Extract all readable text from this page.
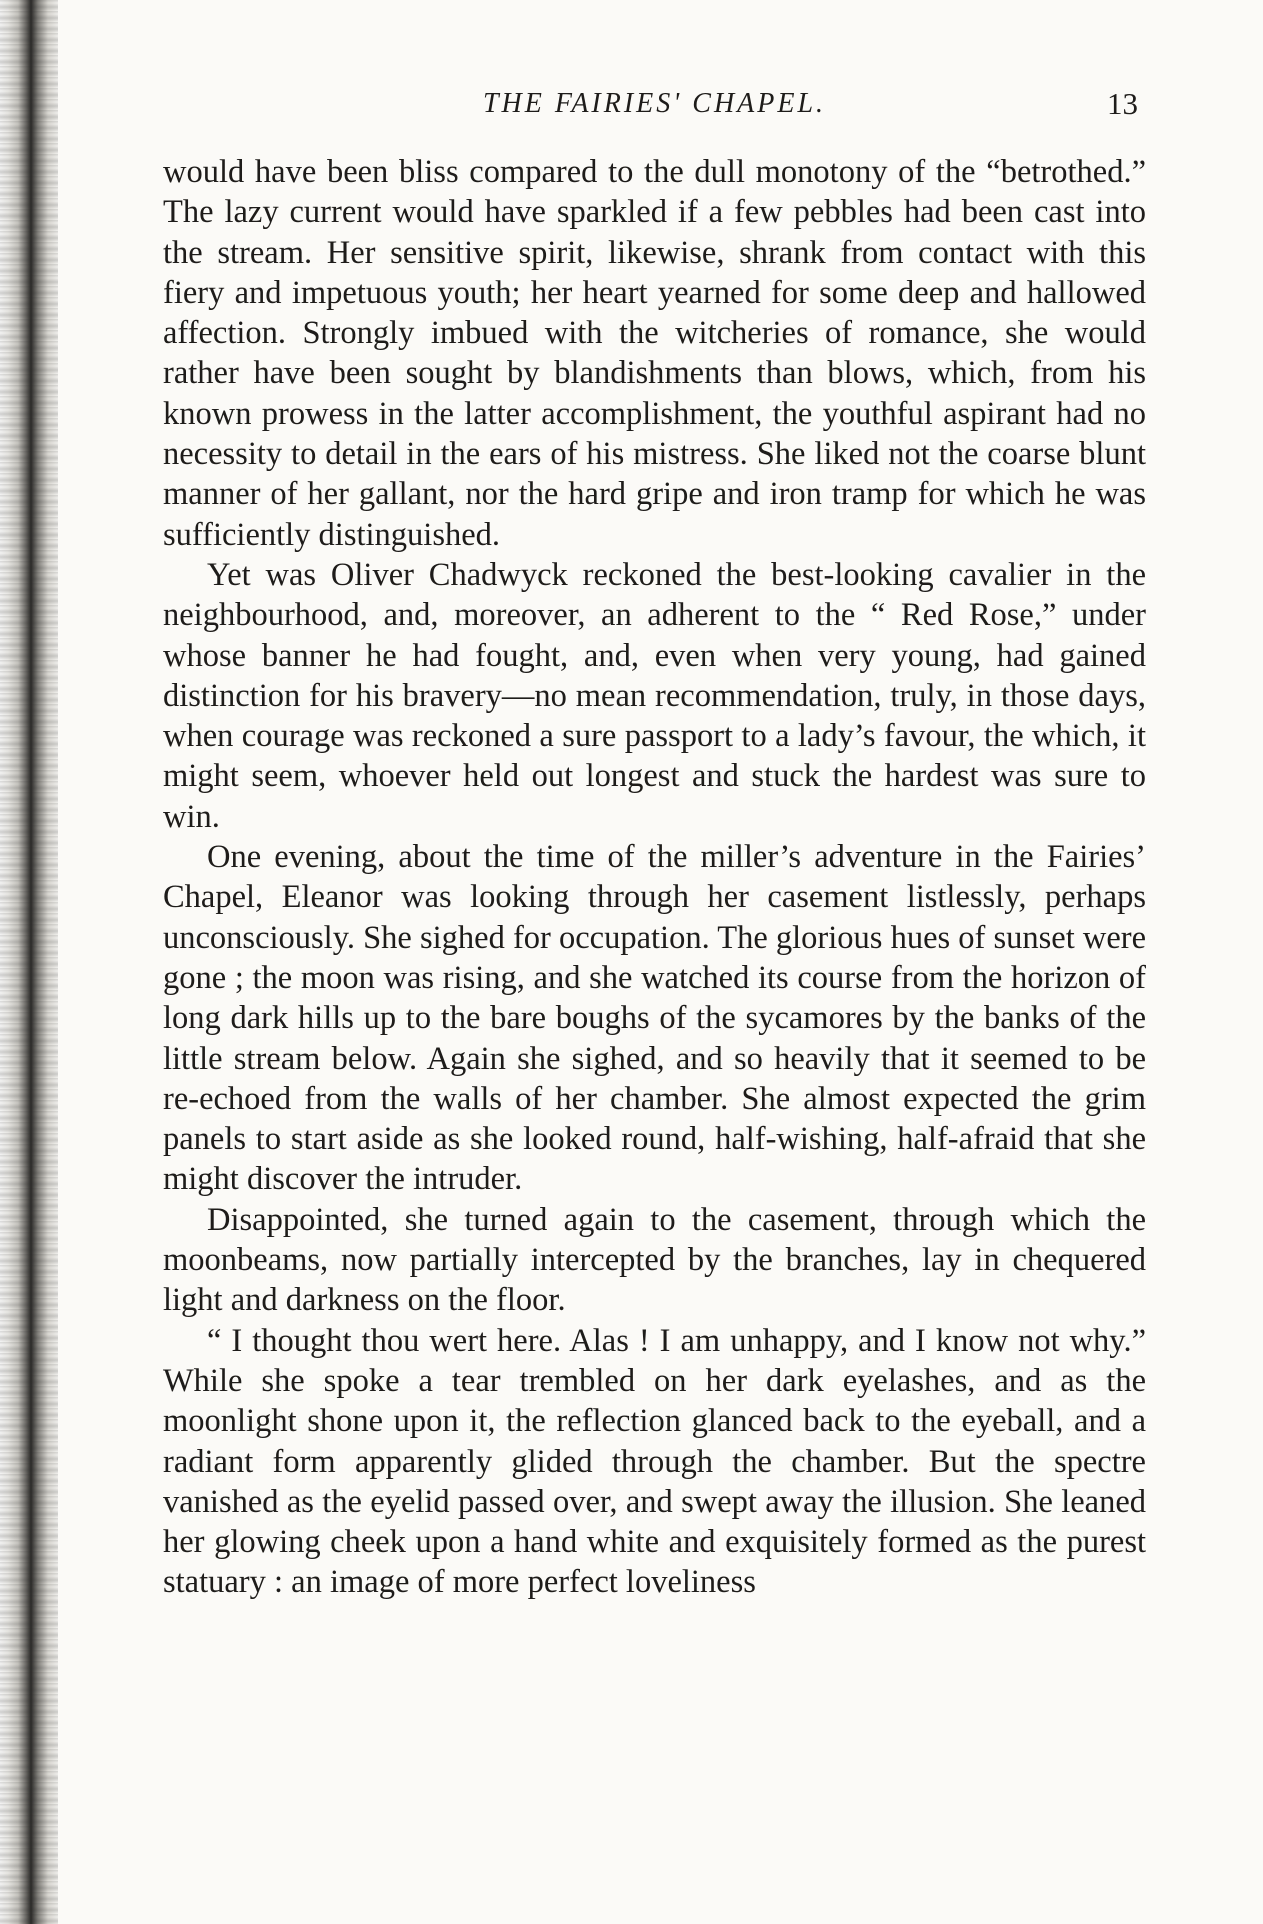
THE FAIRIES' CHAPEL.	13

would have been bliss compared to the dull monotony of the “betrothed.” The lazy current would have sparkled if a few pebbles had been cast into the stream. Her sensitive spirit, likewise, shrank from contact with this fiery and impetuous youth; her heart yearned for some deep and hallowed affection. Strongly imbued with the witcheries of romance, she would rather have been sought by blandishments than blows, which, from his known prowess in the latter accomplishment, the youthful aspirant had no necessity to detail in the ears of his mistress. She liked not the coarse blunt manner of her gallant, nor the hard gripe and iron tramp for which he was sufficiently distinguished.

Yet was Oliver Chadwyck reckoned the best-looking cavalier in the neighbourhood, and, moreover, an adherent to the “ Red Rose,” under whose banner he had fought, and, even when very young, had gained distinction for his bravery—no mean recommendation, truly, in those days, when courage was reckoned a sure passport to a lady’s favour, the which, it might seem, whoever held out longest and stuck the hardest was sure to win.

One evening, about the time of the miller’s adventure in the Fairies’ Chapel, Eleanor was looking through her casement listlessly, perhaps unconsciously. She sighed for occupation. The glorious hues of sunset were gone ; the moon was rising, and she watched its course from the horizon of long dark hills up to the bare boughs of the sycamores by the banks of the little stream below. Again she sighed, and so heavily that it seemed to be re-echoed from the walls of her chamber. She almost expected the grim panels to start aside as she looked round, half-wishing, half-afraid that she might discover the intruder.

Disappointed, she turned again to the casement, through which the moonbeams, now partially intercepted by the branches, lay in chequered light and darkness on the floor.

“ I thought thou wert here. Alas ! I am unhappy, and I know not why.” While she spoke a tear trembled on her dark eyelashes, and as the moonlight shone upon it, the reflection glanced back to the eyeball, and a radiant form apparently glided through the chamber. But the spectre vanished as the eyelid passed over, and swept away the illusion. She leaned her glowing cheek upon a hand white and exquisitely formed as the purest statuary : an image of more perfect loveliness
